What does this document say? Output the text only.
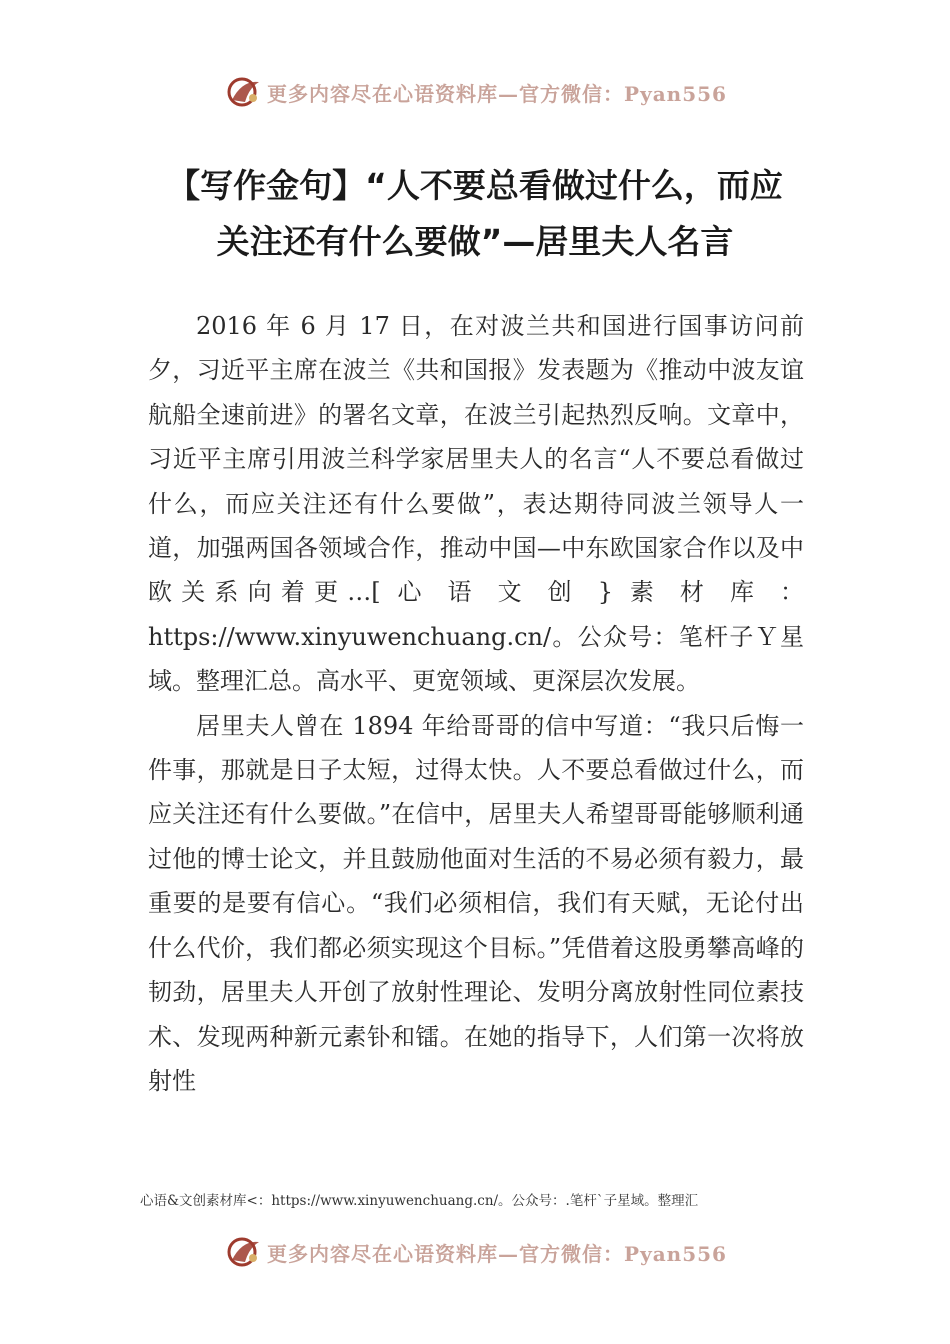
更多内容尽在心语资料库—官方微信：Pyan556
【写作金句】“人不要总看做过什么，而应
关注还有什么要做”—居里夫人名言

2016 年 6 月 17 日，在对波兰共和国进行国事访问前夕，习近平主席在波兰《共和国报》发表题为《推动中波友谊航船全速前进》的署名文章，在波兰引起热烈反响。文章中，习近平主席引用波兰科学家居里夫人的名言“人不要总看做过什么，而应关注还有什么要做”，表达期待同波兰领导人一道，加强两国各领域合作，推动中国—中东欧国家合作以及中欧关系向着更…[ 心 语 文 创 } 素 材 库 ： https://www.xinyuwenchuang.cn/。公众号：笔杆子Ｙ星域。整理汇总。高水平、更宽领域、更深层次发展。

居里夫人曾在 1894 年给哥哥的信中写道：“我只后悔一件事，那就是日子太短，过得太快。人不要总看做过什么，而应关注还有什么要做。”在信中，居里夫人希望哥哥能够顺利通过他的博士论文，并且鼓励他面对生活的不易必须有毅力，最重要的是要有信心。“我们必须相信，我们有天赋，无论付出什么代价，我们都必须实现这个目标。”凭借着这股勇攀高峰的韧劲，居里夫人开创了放射性理论、发明分离放射性同位素技术、发现两种新元素钋和镭。在她的指导下，人们第一次将放射性

心语&文创素材库<：https://www.xinyuwenchuang.cn/。公众号：.笔杆`子星域。整理汇
更多内容尽在心语资料库—官方微信：Pyan556
